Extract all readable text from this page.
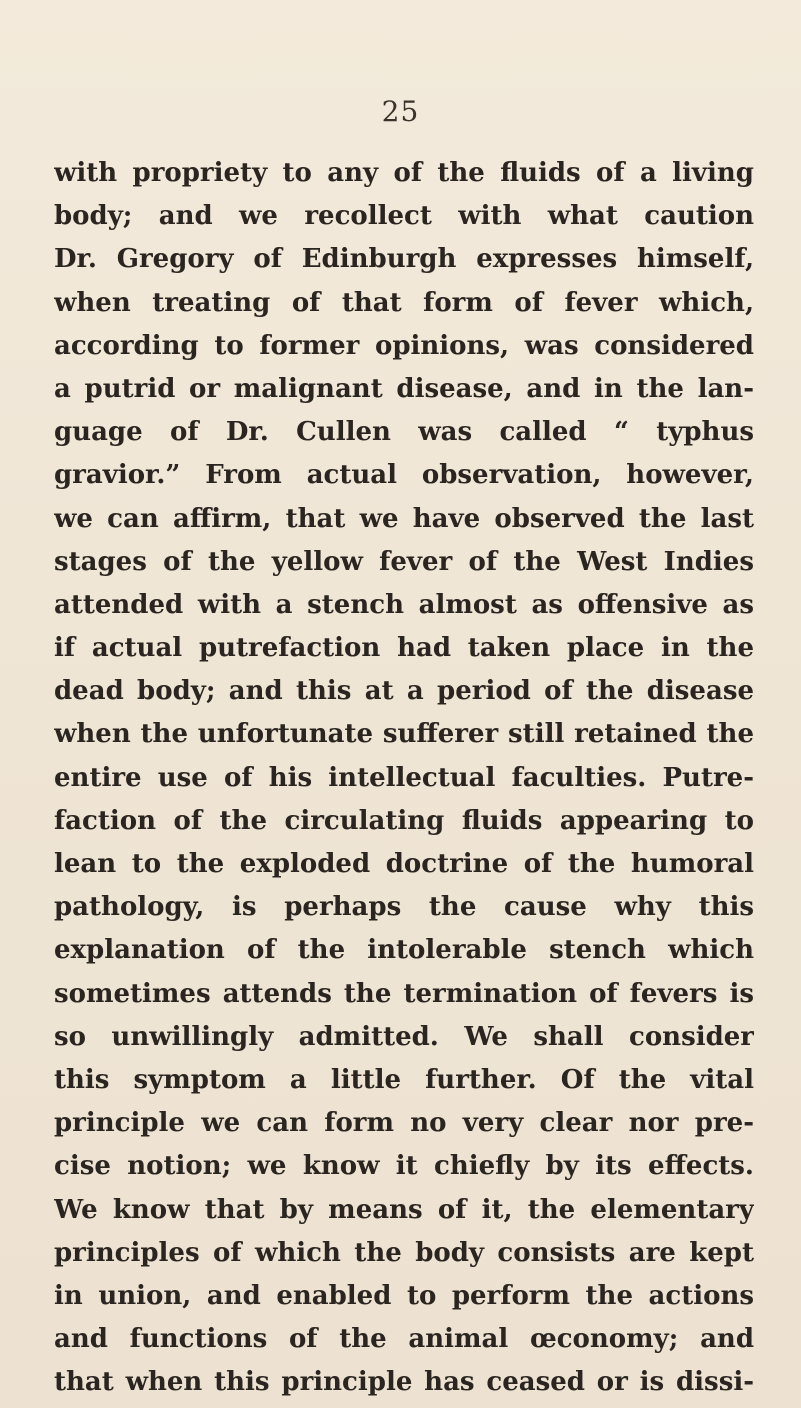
25
with propriety to any of the fluids of a living
body; and we recollect with what caution
Dr. Gregory of Edinburgh expresses himself,
when treating of that form of fever which,
according to former opinions, was considered
a putrid or malignant disease, and in the lan-
guage of Dr. Cullen was called “ typhus
gravior.” From actual observation, however,
we can affirm, that we have observed the last
stages of the yellow fever of the West Indies
attended with a stench almost as offensive as
if actual putrefaction had taken place in the
dead body; and this at a period of the disease
when the unfortunate sufferer still retained the
entire use of his intellectual faculties. Putre-
faction of the circulating fluids appearing to
lean to the exploded doctrine of the humoral
pathology, is perhaps the cause why this
explanation of the intolerable stench which
sometimes attends the termination of fevers is
so unwillingly admitted. We shall consider
this symptom a little further. Of the vital
principle we can form no very clear nor pre-
cise notion; we know it chiefly by its effects.
We know that by means of it, the elementary
principles of which the body consists are kept
in union, and enabled to perform the actions
and functions of the animal œconomy; and
that when this principle has ceased or is dissi-
